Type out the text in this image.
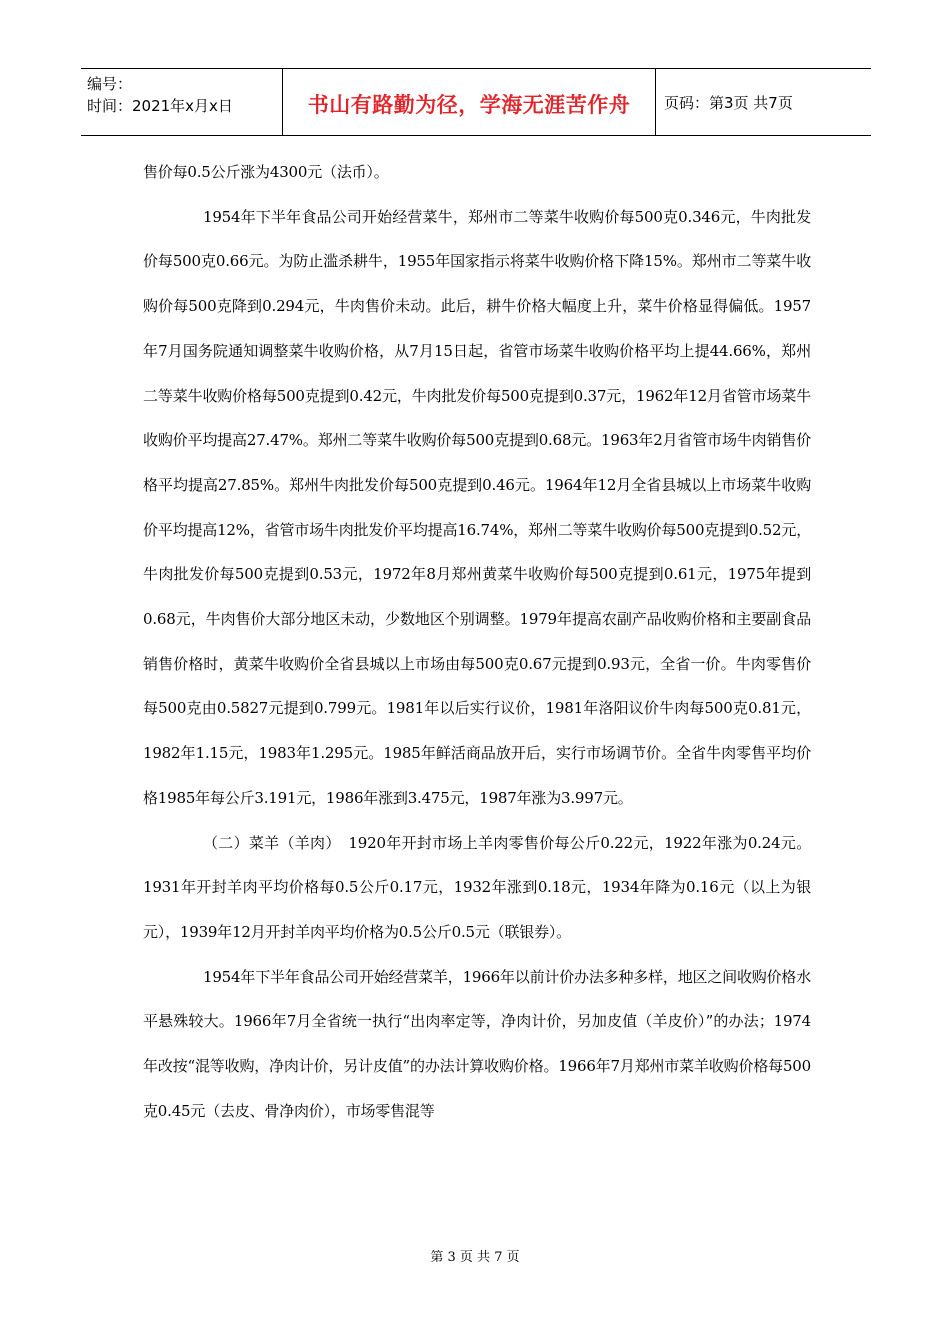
编号：
时间：2021年x月x日	书山有路勤为径，学海无涯苦作舟 页码：第3页 共7页

售价每0.5公斤涨为4300元（法币）。

1954年下半年食品公司开始经营菜牛，郑州市二等菜牛收购价每500克0.346元，牛肉批发价每500克0.66元。为防止滥杀耕牛，1955年国家指示将菜牛收购价格下降15%。郑州市二等菜牛收购价每500克降到0.294元，牛肉售价未动。此后，耕牛价格大幅度上升，菜牛价格显得偏低。1957年7月国务院通知调整菜牛收购价格，从7月15日起，省管市场菜牛收购价格平均上提44.66%，郑州二等菜牛收购价格每500克提到0.42元，牛肉批发价每500克提到0.37元，1962年12月省管市场菜牛收购价平均提高27.47%。郑州二等菜牛收购价每500克提到0.68元。1963年2月省管市场牛肉销售价格平均提高27.85%。郑州牛肉批发价每500克提到0.46元。1964年12月全省县城以上市场菜牛收购价平均提高12%，省管市场牛肉批发价平均提高16.74%，郑州二等菜牛收购价每500克提到0.52元，牛肉批发价每500克提到0.53元，1972年8月郑州黄菜牛收购价每500克提到0.61元，1975年提到0.68元，牛肉售价大部分地区未动，少数地区个别调整。1979年提高农副产品收购价格和主要副食品销售价格时，黄菜牛收购价全省县城以上市场由每500克0.67元提到0.93元，全省一价。牛肉零售价每500克由0.5827元提到0.799元。1981年以后实行议价，1981年洛阳议价牛肉每500克0.81元，1982年1.15元，1983年1.295元。1985年鲜活商品放开后，实行市场调节价。全省牛肉零售平均价格1985年每公斤3.191元，1986年涨到3.475元，1987年涨为3.997元。

（二）菜羊（羊肉）　1920年开封市场上羊肉零售价每公斤0.22元，1922年涨为0.24元。1931年开封羊肉平均价格每0.5公斤0.17元，1932年涨到0.18元，1934年降为0.16元（以上为银元），1939年12月开封羊肉平均价格为0.5公斤0.5元（联银券）。

1954年下半年食品公司开始经营菜羊，1966年以前计价办法多种多样，地区之间收购价格水平悬殊较大。1966年7月全省统一执行“出肉率定等，净肉计价，另加皮值（羊皮价）”的办法；1974年改按“混等收购，净肉计价，另计皮值”的办法计算收购价格。1966年7月郑州市菜羊收购价格每500克0.45元（去皮、骨净肉价），市场零售混等

第 3 页 共 7 页
